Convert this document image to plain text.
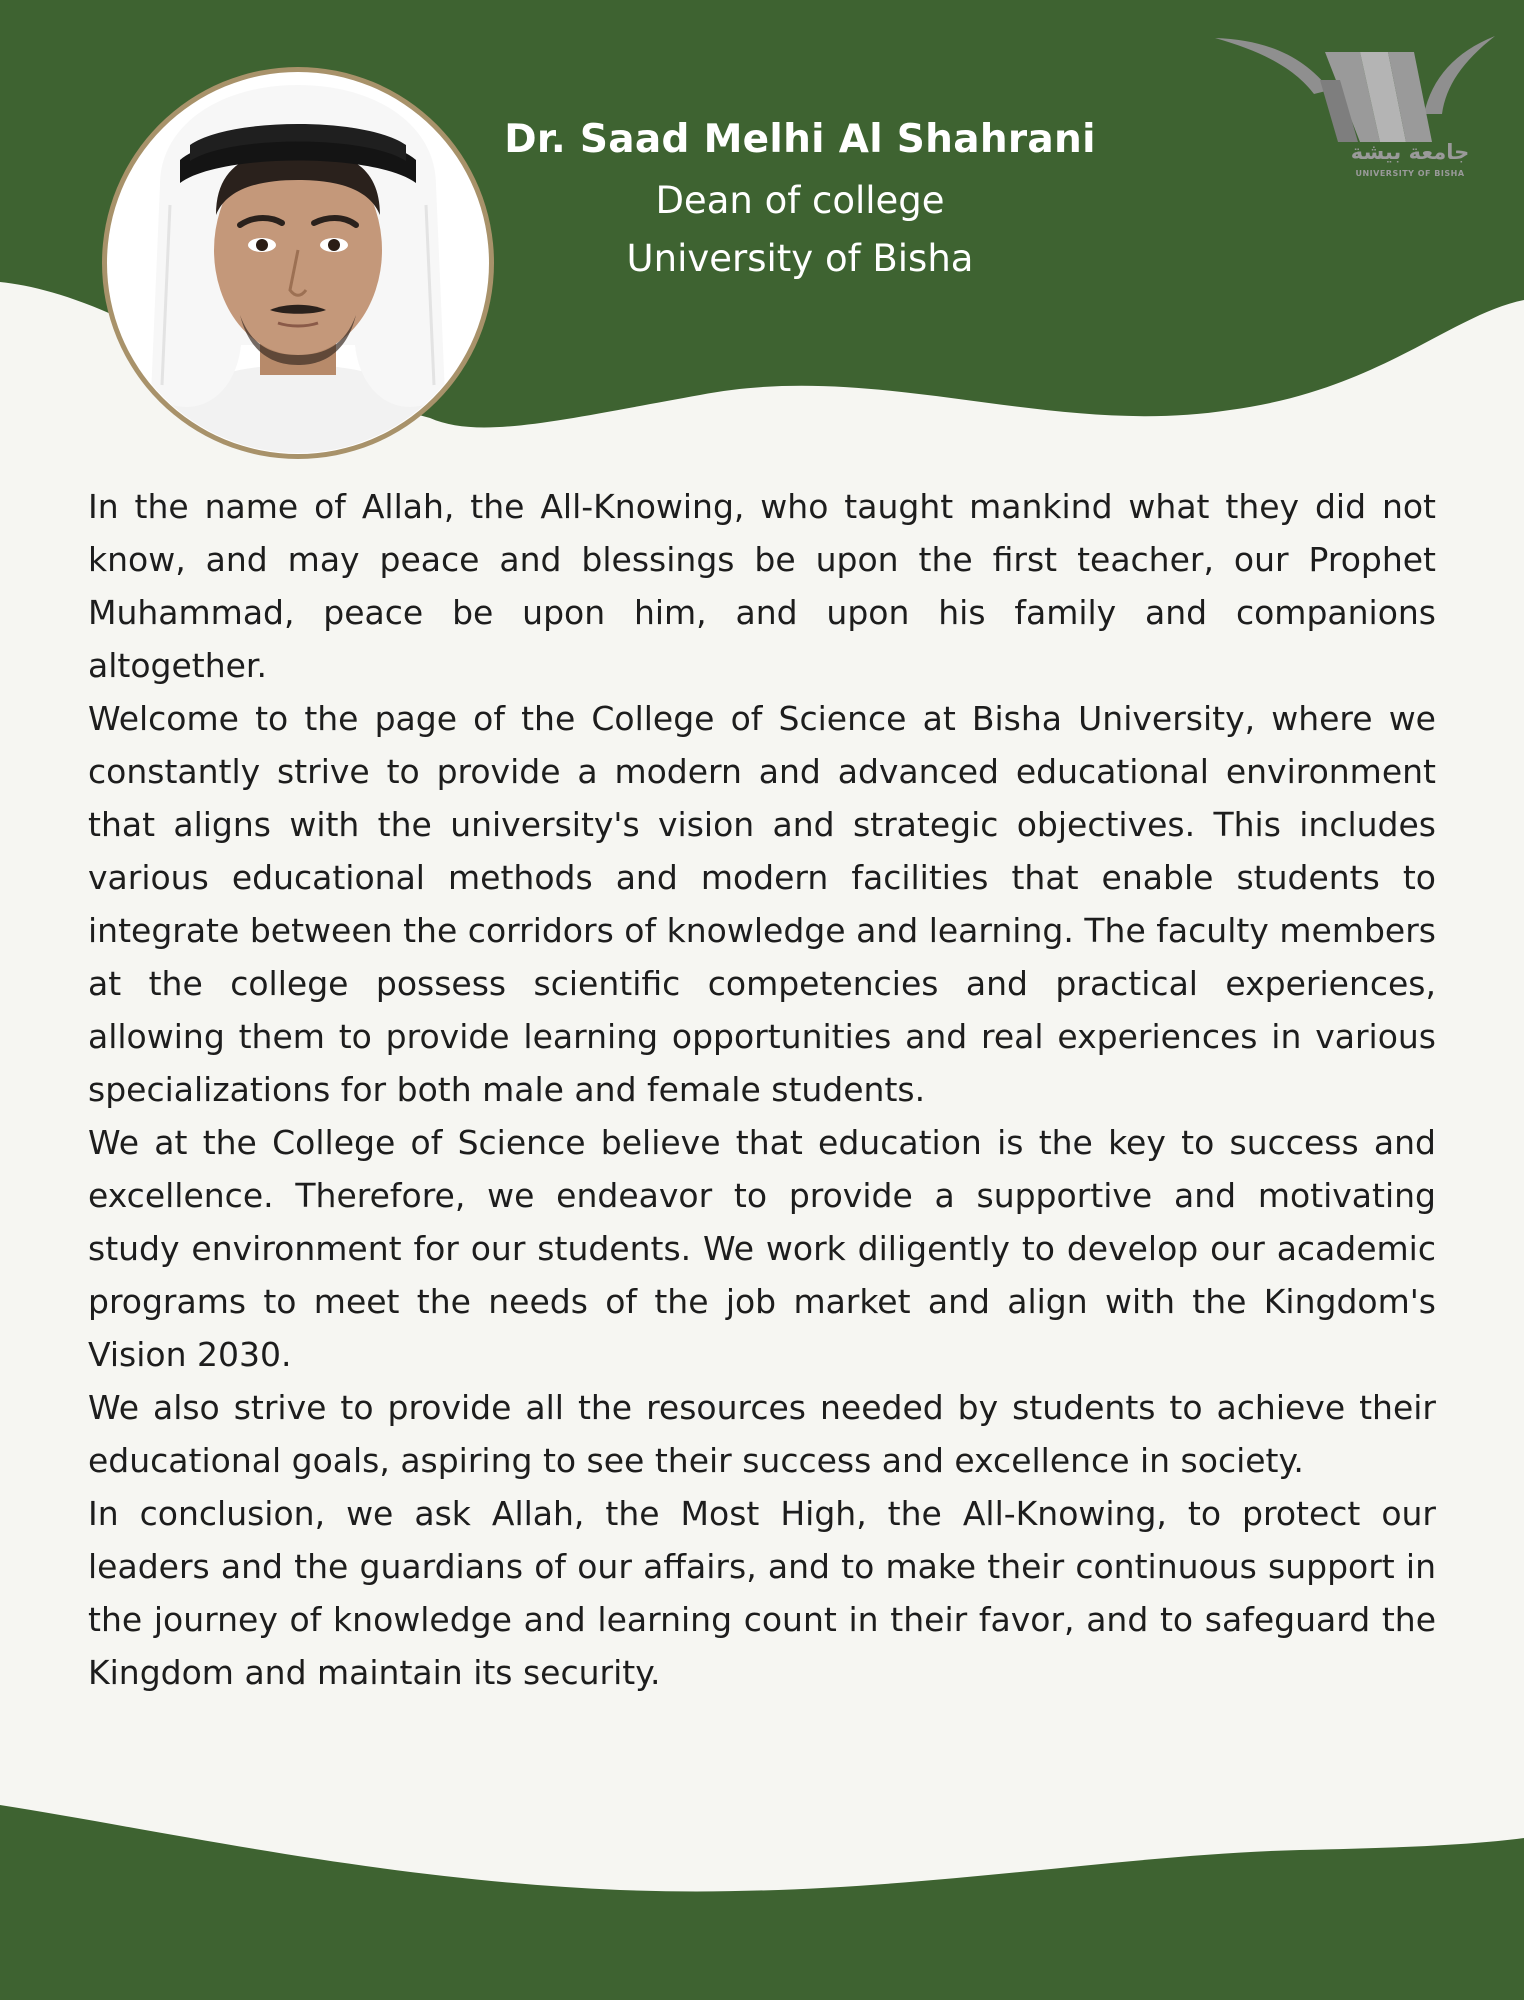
Dr. Saad Melhi Al Shahrani
Dean of college
University of Bisha
جامعة بيشة
UNIVERSITY OF BISHA

In the name of Allah, the All-Knowing, who taught mankind what they did not know, and may peace and blessings be upon the first teacher, our Prophet Muhammad, peace be upon him, and upon his family and companions altogether.

Welcome to the page of the College of Science at Bisha University, where we constantly strive to provide a modern and advanced educational environment that aligns with the university's vision and strategic objectives. This includes various educational methods and modern facilities that enable students to integrate between the corridors of knowledge and learning. The faculty members at the college possess scientific competencies and practical experiences, allowing them to provide learning opportunities and real experiences in various specializations for both male and female students.

We at the College of Science believe that education is the key to success and excellence. Therefore, we endeavor to provide a supportive and motivating study environment for our students. We work diligently to develop our academic programs to meet the needs of the job market and align with the Kingdom's Vision 2030.

We also strive to provide all the resources needed by students to achieve their educational goals, aspiring to see their success and excellence in society.

In conclusion, we ask Allah, the Most High, the All-Knowing, to protect our leaders and the guardians of our affairs, and to make their continuous support in the journey of knowledge and learning count in their favor, and to safeguard the Kingdom and maintain its security.
